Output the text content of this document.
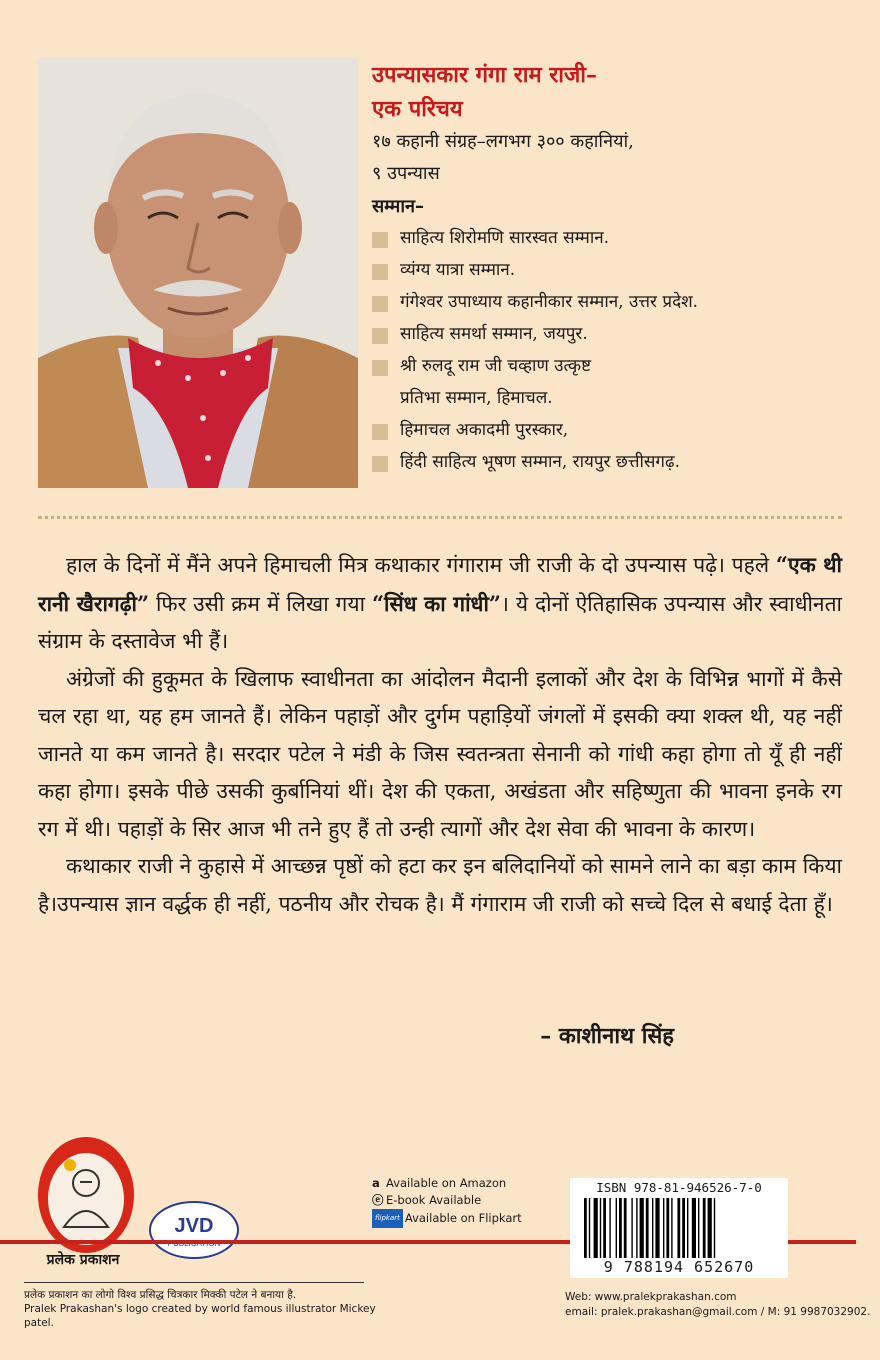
उपन्यासकार गंगा राम राजी–
एक परिचय
१७ कहानी संग्रह–लगभग ३०० कहानियां,
९ उपन्यास
सम्मान–
साहित्य शिरोमणि सारस्वत सम्मान.
व्यंग्य यात्रा सम्मान.
गंगेश्वर उपाध्याय कहानीकार सम्मान, उत्तर प्रदेश.
साहित्य समर्था सम्मान, जयपुर.
श्री रुलदू राम जी चव्हाण उत्कृष्ट
प्रतिभा सम्मान, हिमाचल.
हिमाचल अकादमी पुरस्कार,
हिंदी साहित्य भूषण सम्मान, रायपुर छत्तीसगढ़.

हाल के दिनों में मैंने अपने हिमाचली मित्र कथाकार गंगाराम जी राजी के दो उपन्यास पढ़े। पहले “एक थी रानी खैरागढ़ी” फिर उसी क्रम में लिखा गया “सिंध का गांधी”। ये दोनों ऐतिहासिक उपन्यास और स्वाधीनता संग्राम के दस्तावेज भी हैं।

अंग्रेजों की हुकूमत के खिलाफ स्वाधीनता का आंदोलन मैदानी इलाकों और देश के विभिन्न भागों में कैसे चल रहा था, यह हम जानते हैं। लेकिन पहाड़ों और दुर्गम पहाड़ियों जंगलों में इसकी क्या शक्ल थी, यह नहीं जानते या कम जानते है। सरदार पटेल ने मंडी के जिस स्वतन्त्रता सेनानी को गांधी कहा होगा तो यूँ ही नहीं कहा होगा। इसके पीछे उसकी कुर्बानियां थीं। देश की एकता, अखंडता और सहिष्णुता की भावना इनके रग रग में थी। पहाड़ों के सिर आज भी तने हुए हैं तो उन्ही त्यागों और देश सेवा की भावना के कारण।

कथाकार राजी ने कुहासे में आच्छन्न पृष्ठों को हटा कर इन बलिदानियों को सामने लाने का बड़ा काम किया है।उपन्यास ज्ञान वर्द्धक ही नहीं, पठनीय और रोचक है। मैं गंगाराम जी राजी को सच्चे दिल से बधाई देता हूँ।

– काशीनाथ सिंह
प्रलेक प्रकाशन
JVD
प्रलेक प्रकाशन का लोगो विश्व प्रसिद्ध चित्रकार मिक्की पटेल ने बनाया है.
Pralek Prakashan's logo created by world famous illustrator Mickey patel.
a Available on Amazon
ⓔ E-book Available
flipkart Available on Flipkart
ISBN 978-81-946526-7-0
9 788194 652670
Web: www.pralekprakashan.com
email: pralek.prakashan@gmail.com / M: 91 9987032902.
